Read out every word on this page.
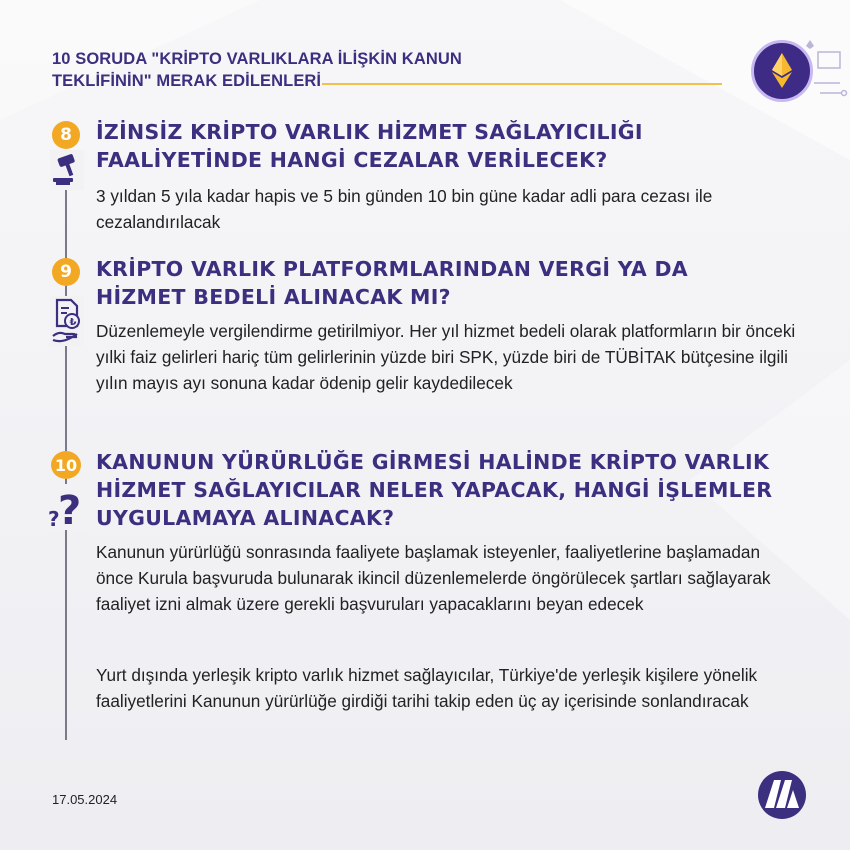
10 SORUDA "KRİPTO VARLIKLARA İLİŞKİN KANUN TEKLİFİNİN" MERAK EDİLENLERİ
8	İZİNSİZ KRİPTO VARLIK HİZMET SAĞLAYICILIĞI FAALİYETİNDE HANGİ CEZALAR VERİLECEK?
3 yıldan 5 yıla kadar hapis ve 5 bin günden 10 bin güne kadar adli para cezası ile cezalandırılacak
9
₺
KRİPTO VARLIK PLATFORMLARINDAN VERGİ YA DA HİZMET BEDELİ ALINACAK MI?
Düzenlemeyle vergilendirme getirilmiyor. Her yıl hizmet bedeli olarak platformların bir önceki yılki faiz gelirleri hariç tüm gelirlerinin yüzde biri SPK, yüzde biri de TÜBİTAK bütçesine ilgili yılın mayıs ayı sonuna kadar ödenip gelir kaydedilecek
10
?
?
KANUNUN YÜRÜRLÜĞE GİRMESİ HALİNDE KRİPTO VARLIK HİZMET SAĞLAYICILAR NELER YAPACAK, HANGİ İŞLEMLER UYGULAMAYA ALINACAK?
Kanunun yürürlüğü sonrasında faaliyete başlamak isteyenler, faaliyetlerine başlamadan önce Kurula başvuruda bulunarak ikincil düzenlemelerde öngörülecek şartları sağlayarak faaliyet izni almak üzere gerekli başvuruları yapacaklarını beyan edecek
Yurt dışında yerleşik kripto varlık hizmet sağlayıcılar, Türkiye'de yerleşik kişilere yönelik faaliyetlerini Kanunun yürürlüğe girdiği tarihi takip eden üç ay içerisinde sonlandıracak
17.05.2024
